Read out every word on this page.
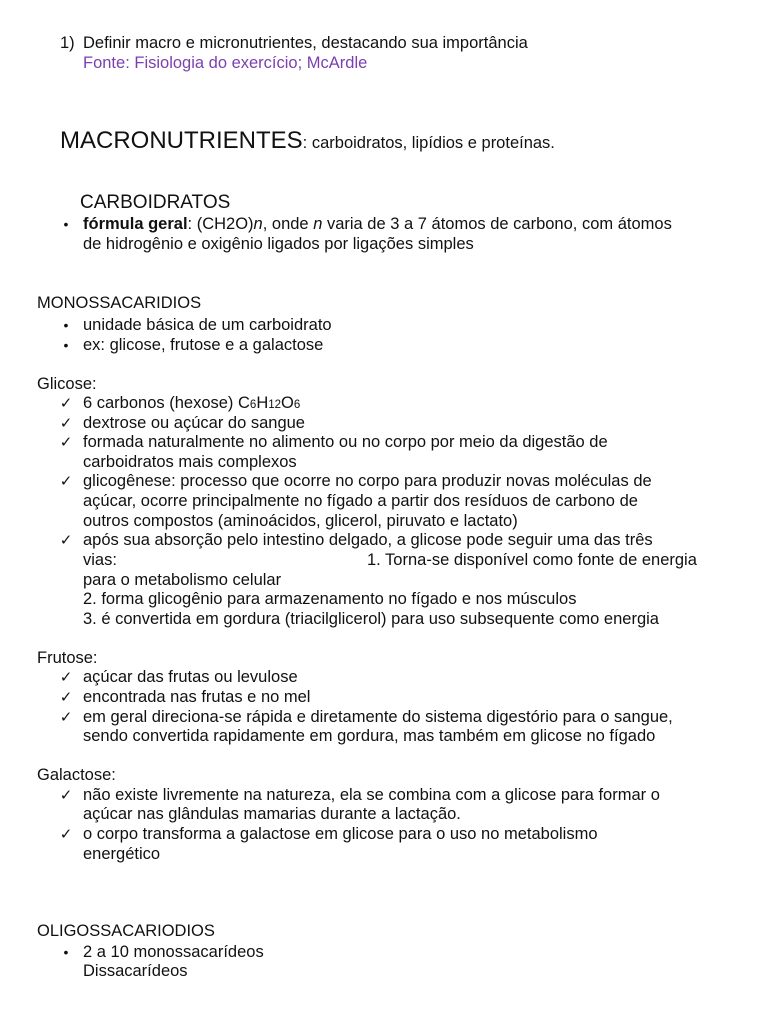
1) Definir macro e micronutrientes, destacando sua importância
Fonte: Fisiologia do exercício; McArdle
MACRONUTRIENTES: carboidratos, lipídios e proteínas.
CARBOIDRATOS
• fórmula geral: (CH2O)n, onde n varia de 3 a 7 átomos de carbono, com átomos
de hidrogênio e oxigênio ligados por ligações simples
MONOSSACARIDIOS
• unidade básica de um carboidrato
• ex: glicose, frutose e a galactose
Glicose:
✓ 6 carbonos (hexose) C6H12O6
✓ dextrose ou açúcar do sangue
✓ formada naturalmente no alimento ou no corpo por meio da digestão de
carboidratos mais complexos
✓ glicogênese: processo que ocorre no corpo para produzir novas moléculas de
açúcar, ocorre principalmente no fígado a partir dos resíduos de carbono de
outros compostos (aminoácidos, glicerol, piruvato e lactato)
✓ após sua absorção pelo intestino delgado, a glicose pode seguir uma das três
vias:	1. Torna-se disponível como fonte de energia
para o metabolismo celular
2. forma glicogênio para armazenamento no fígado e nos músculos
3. é convertida em gordura (triacilglicerol) para uso subsequente como energia
Frutose:
✓ açúcar das frutas ou levulose
✓ encontrada nas frutas e no mel
✓ em geral direciona-se rápida e diretamente do sistema digestório para o sangue,
sendo convertida rapidamente em gordura, mas também em glicose no fígado
Galactose:
✓ não existe livremente na natureza, ela se combina com a glicose para formar o
açúcar nas glândulas mamarias durante a lactação.
✓ o corpo transforma a galactose em glicose para o uso no metabolismo
energético
OLIGOSSACARIODIOS
• 2 a 10 monossacarídeos
Dissacarídeos
